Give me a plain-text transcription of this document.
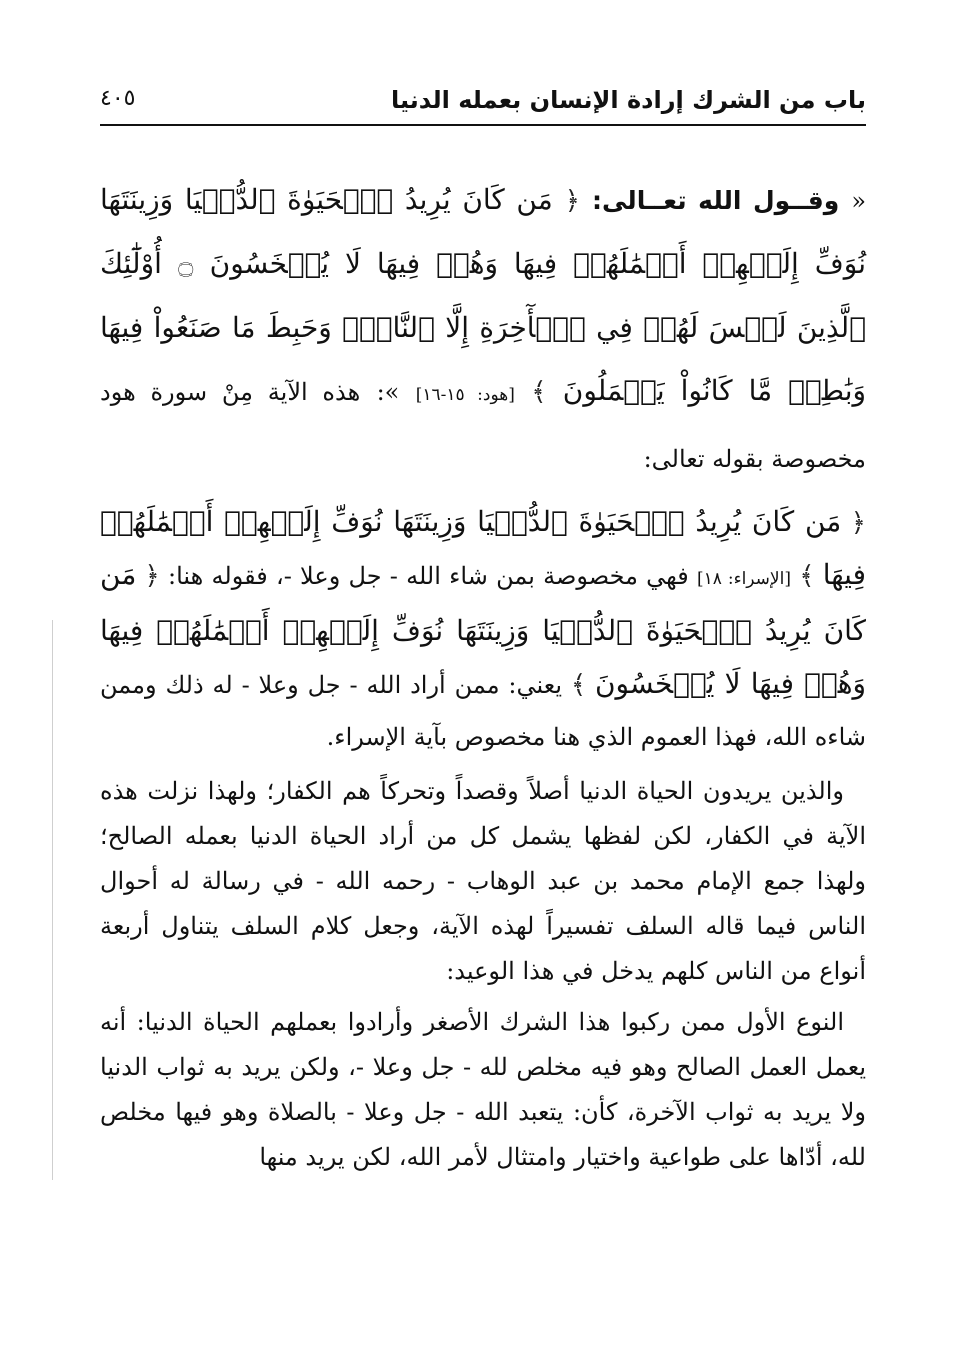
باب من الشرك إرادة الإنسان بعمله الدنيا
٤٠٥

« وقــول الله تعــالى: ﴿ مَن كَانَ يُرِيدُ ٱلۡحَيَوٰةَ ٱلدُّنۡيَا وَزِينَتَهَا نُوَفِّ إِلَيۡهِمۡ أَعۡمَٰلَهُمۡ فِيهَا وَهُمۡ فِيهَا لَا يُبۡخَسُونَ ۝ أُوْلَٰٓئِكَ ٱلَّذِينَ لَيۡسَ لَهُمۡ فِي ٱلۡأٓخِرَةِ إِلَّا ٱلنَّارُۖ وَحَبِطَ مَا صَنَعُواْ فِيهَا وَبَٰطِلٞ مَّا كَانُواْ يَعۡمَلُونَ ﴾ [هود: ١٥-١٦] »: هذه الآية مِنْ سورة هود مخصوصة بقوله تعالى:

﴿ مَن كَانَ يُرِيدُ ٱلۡحَيَوٰةَ ٱلدُّنۡيَا وَزِينَتَهَا نُوَفِّ إِلَيۡهِمۡ أَعۡمَٰلَهُمۡ فِيهَا ﴾ [الإسراء: ١٨] فهي مخصوصة بمن شاء الله - جل وعلا -، فقوله هنا: ﴿ مَن كَانَ يُرِيدُ ٱلۡحَيَوٰةَ ٱلدُّنۡيَا وَزِينَتَهَا نُوَفِّ إِلَيۡهِمۡ أَعۡمَٰلَهُمۡ فِيهَا وَهُمۡ فِيهَا لَا يُبۡخَسُونَ ﴾ يعني: ممن أراد الله - جل وعلا - له ذلك وممن شاءه الله، فهذا العموم الذي هنا مخصوص بآية الإسراء.

والذين يريدون الحياة الدنيا أصلاً وقصداً وتحركاً هم الكفار؛ ولهذا نزلت هذه الآية في الكفار، لكن لفظها يشمل كل من أراد الحياة الدنيا بعمله الصالح؛ ولهذا جمع الإمام محمد بن عبد الوهاب - رحمه الله - في رسالة له أحوال الناس فيما قاله السلف تفسيراً لهذه الآية، وجعل كلام السلف يتناول أربعة أنواع من الناس كلهم يدخل في هذا الوعيد:

النوع الأول ممن ركبوا هذا الشرك الأصغر وأرادوا بعملهم الحياة الدنيا: أنه يعمل العمل الصالح وهو فيه مخلص لله - جل وعلا -، ولكن يريد به ثواب الدنيا ولا يريد به ثواب الآخرة، كأن: يتعبد الله - جل وعلا - بالصلاة وهو فيها مخلص لله، أدّاها على طواعية واختيار وامتثال لأمر الله، لكن يريد منها
